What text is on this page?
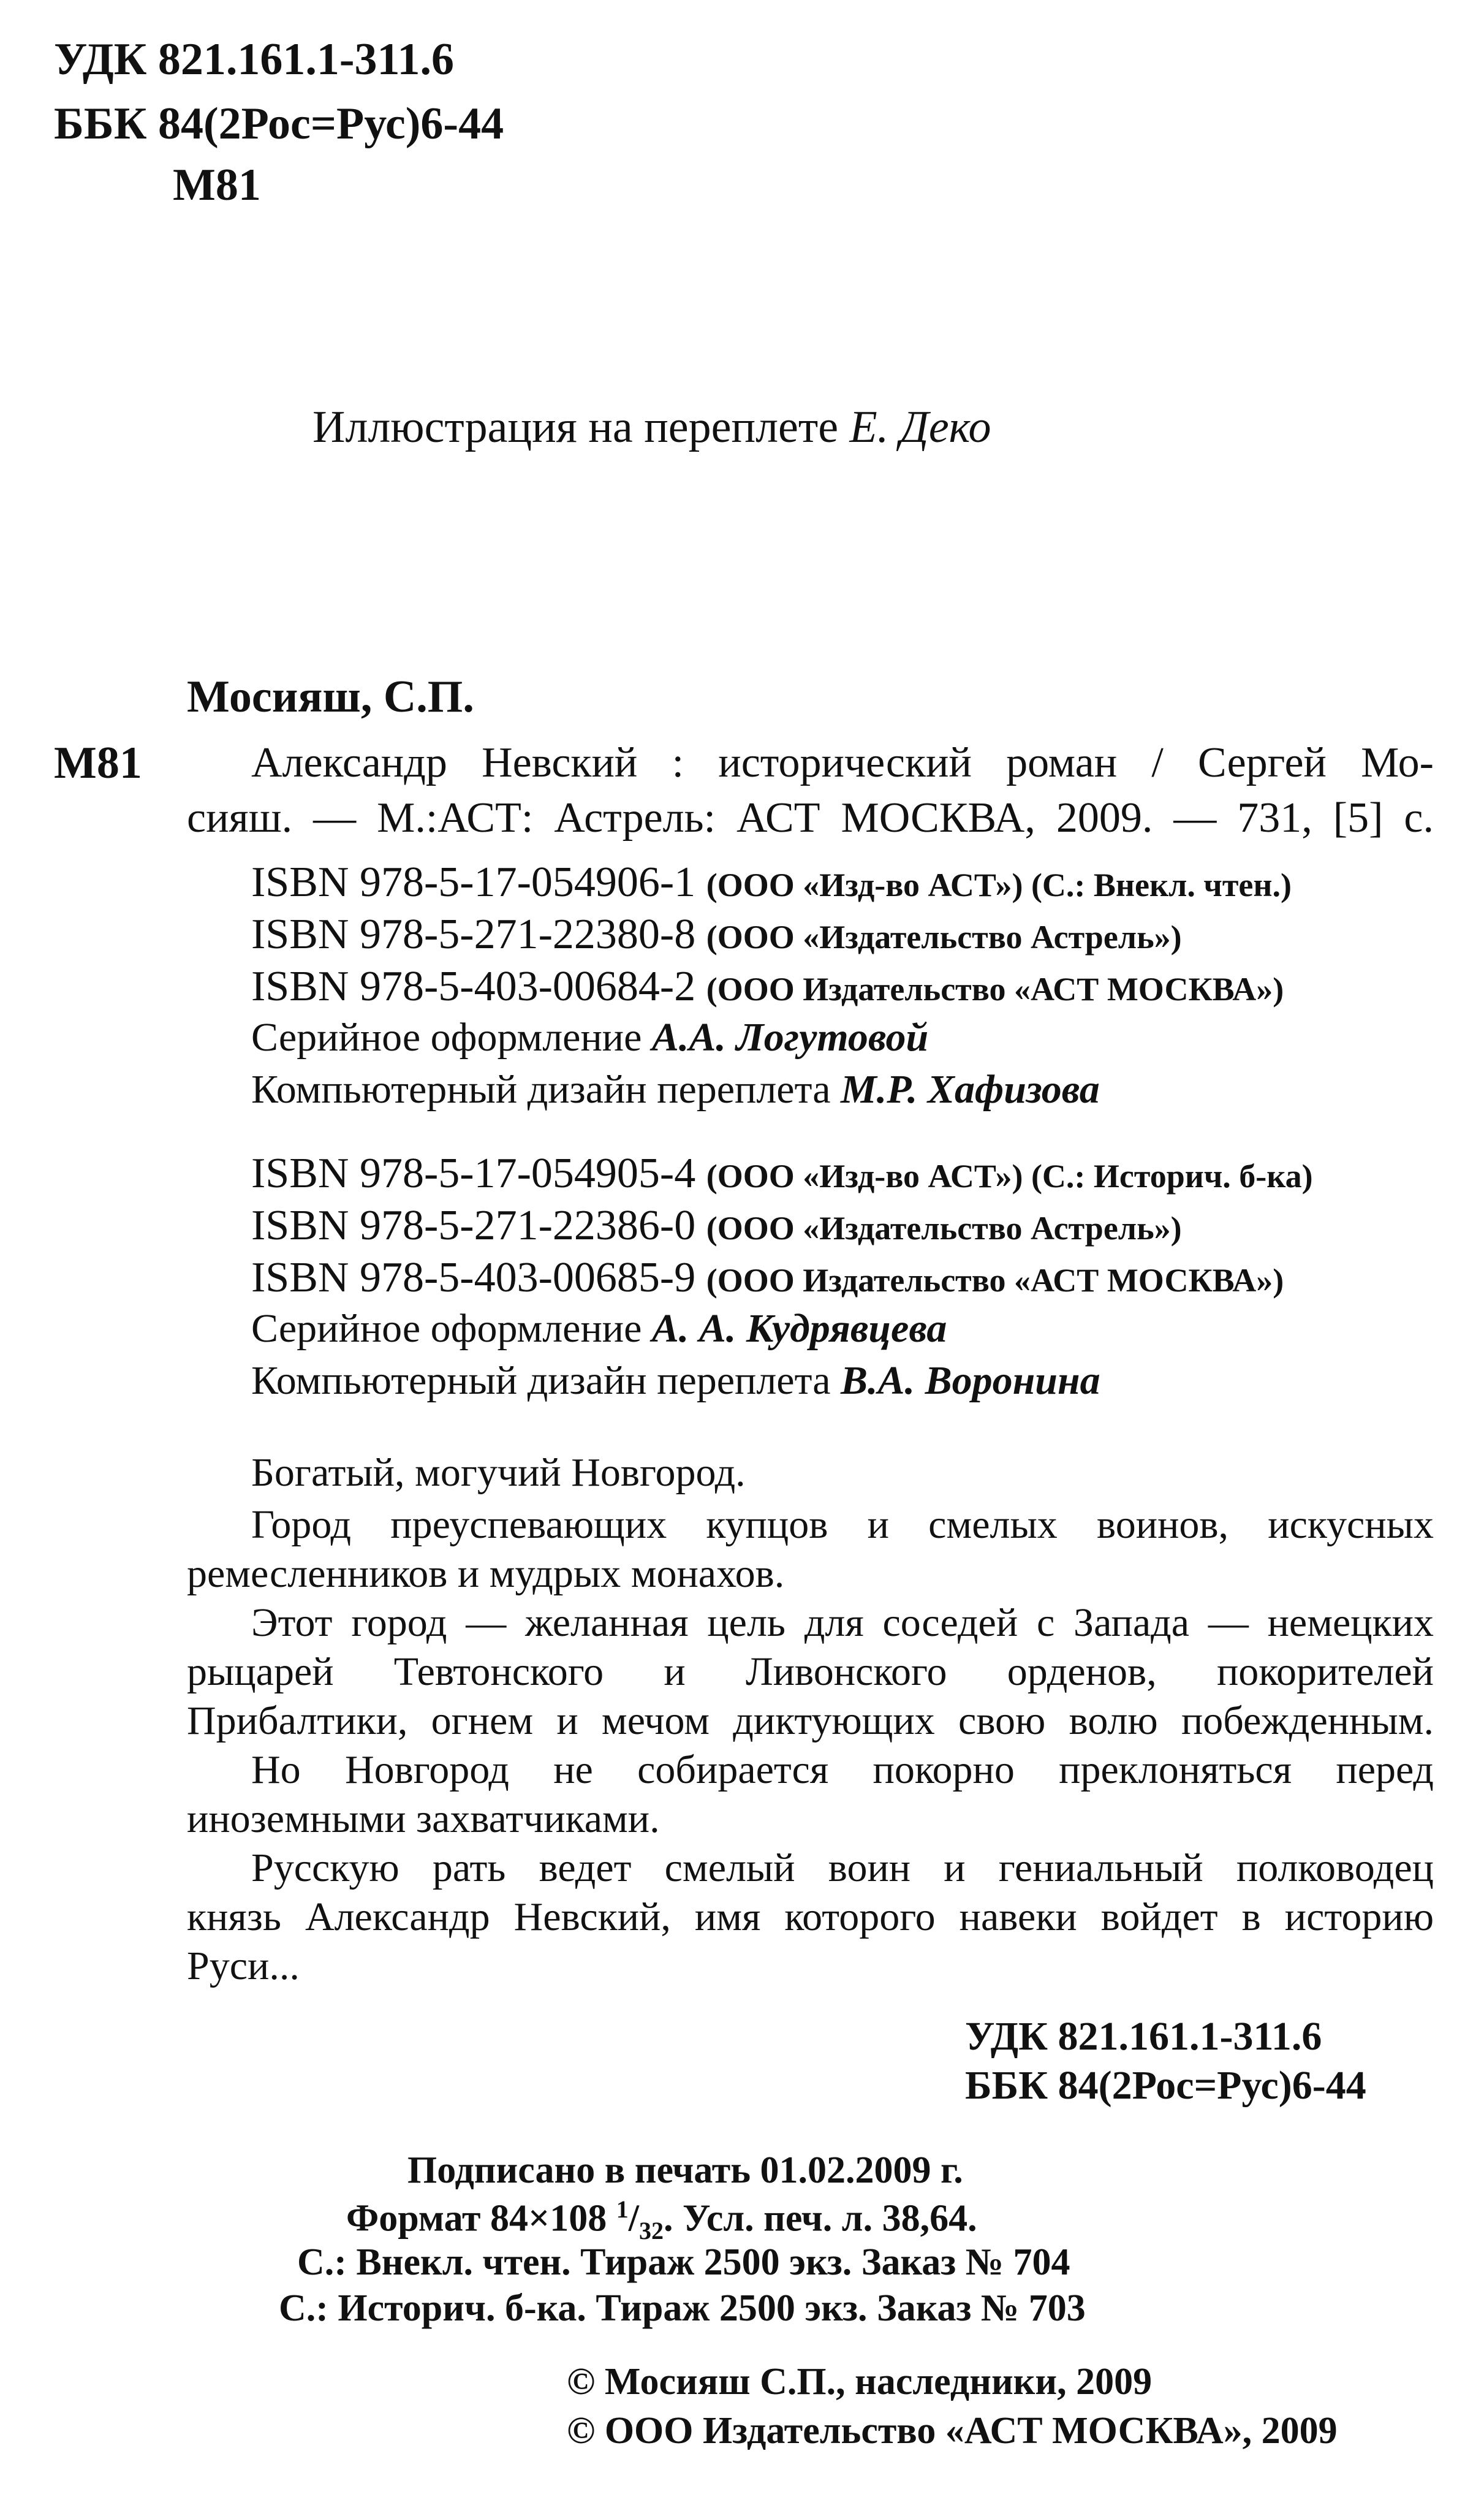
УДК 821.161.1-311.6
ББК 84(2Рос=Рус)6-44
М81
Иллюстрация на переплете Е. Деко
Мосияш, С.П.
М81	Александр Невский : исторический роман / Сергей Мо-
сияш. — М.:АСТ: Астрель: АСТ МОСКВА, 2009. — 731, [5] с.
ISBN 978-5-17-054906-1 (ООО «Изд-во АСТ») (С.: Внекл. чтен.)
ISBN 978-5-271-22380-8 (ООО «Издательство Астрель»)
ISBN 978-5-403-00684-2 (ООО Издательство «АСТ МОСКВА»)
Серийное оформление А.А. Логутовой
Компьютерный дизайн переплета М.Р. Хафизова
ISBN 978-5-17-054905-4 (ООО «Изд-во АСТ») (С.: Историч. б-ка)
ISBN 978-5-271-22386-0 (ООО «Издательство Астрель»)
ISBN 978-5-403-00685-9 (ООО Издательство «АСТ МОСКВА»)
Серийное оформление А. А. Кудрявцева
Компьютерный дизайн переплета В.А. Воронина
Богатый, могучий Новгород.
Город преуспевающих купцов и смелых воинов, искусных
ремесленников и мудрых монахов.
Этот город — желанная цель для соседей с Запада — немецких
рыцарей Тевтонского и Ливонского орденов, покорителей
Прибалтики, огнем и мечом диктующих свою волю побежденным.
Но Новгород не собирается покорно преклоняться перед
иноземными захватчиками.
Русскую рать ведет смелый воин и гениальный полководец
князь Александр Невский, имя которого навеки войдет в историю
Руси...
УДК 821.161.1-311.6
ББК 84(2Рос=Рус)6-44
Подписано в печать 01.02.2009 г.
Формат 84×108 $^1/_{32}$. Усл. печ. л. 38,64.
С.: Внекл. чтен. Тираж 2500 экз. Заказ № 704
С.: Историч. б-ка. Тираж 2500 экз. Заказ № 703
© Мосияш С.П., наследники, 2009
© ООО Издательство «АСТ МОСКВА», 2009
